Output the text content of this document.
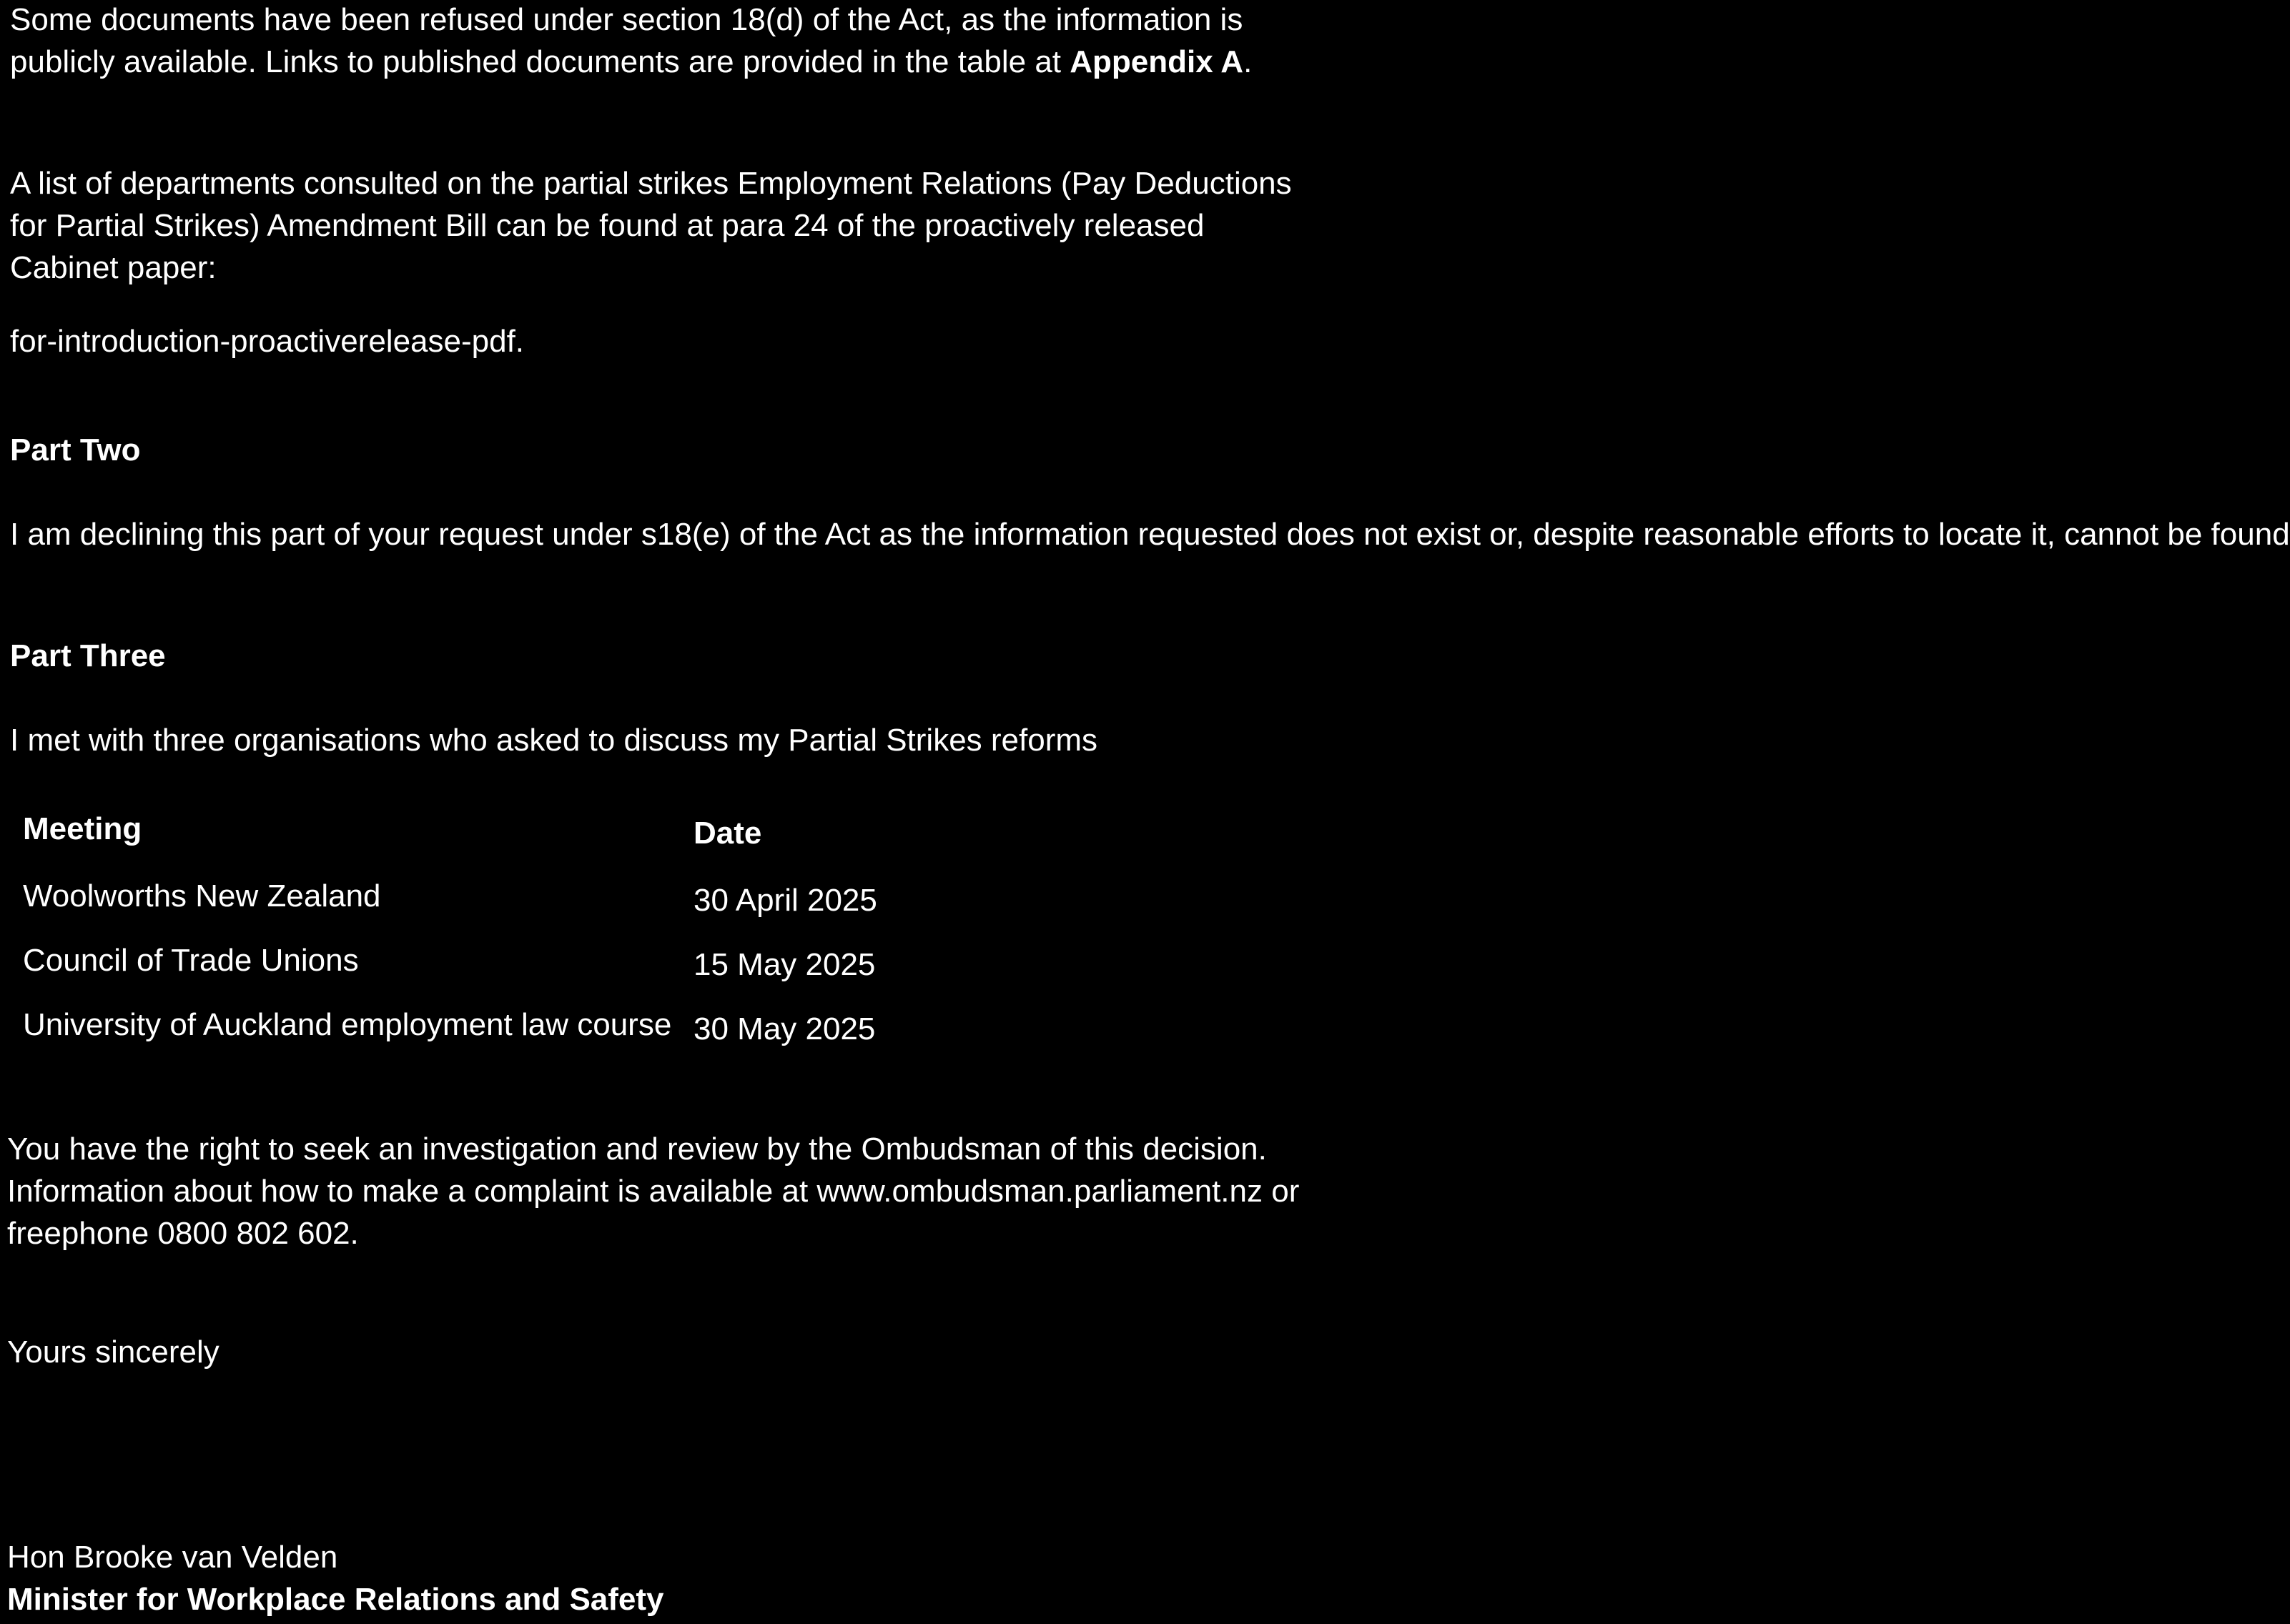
Some documents have been refused under section 18(d) of the Act, as the information is publicly available. Links to published documents are provided in the table at Appendix A.

A list of departments consulted on the partial strikes Employment Relations (Pay Deductions for Partial Strikes) Amendment Bill can be found at para 24 of the proactively released Cabinet paper:

for-introduction-proactiverelease-pdf.

Part Two

I am declining this part of your request under s18(e) of the Act as the information requested does not exist or, despite reasonable efforts to locate it, cannot be found

Part Three

I met with three organisations who asked to discuss my Partial Strikes reforms

Meeting	Date
Woolworths New Zealand	30 April 2025
Council of Trade Unions	15 May 2025
University of Auckland employment law course 30 May 2025

You have the right to seek an investigation and review by the Ombudsman of this decision. Information about how to make a complaint is available at www.ombudsman.parliament.nz or freephone 0800 802 602.

Yours sincerely

Hon Brooke van Velden

Minister for Workplace Relations and Safety
